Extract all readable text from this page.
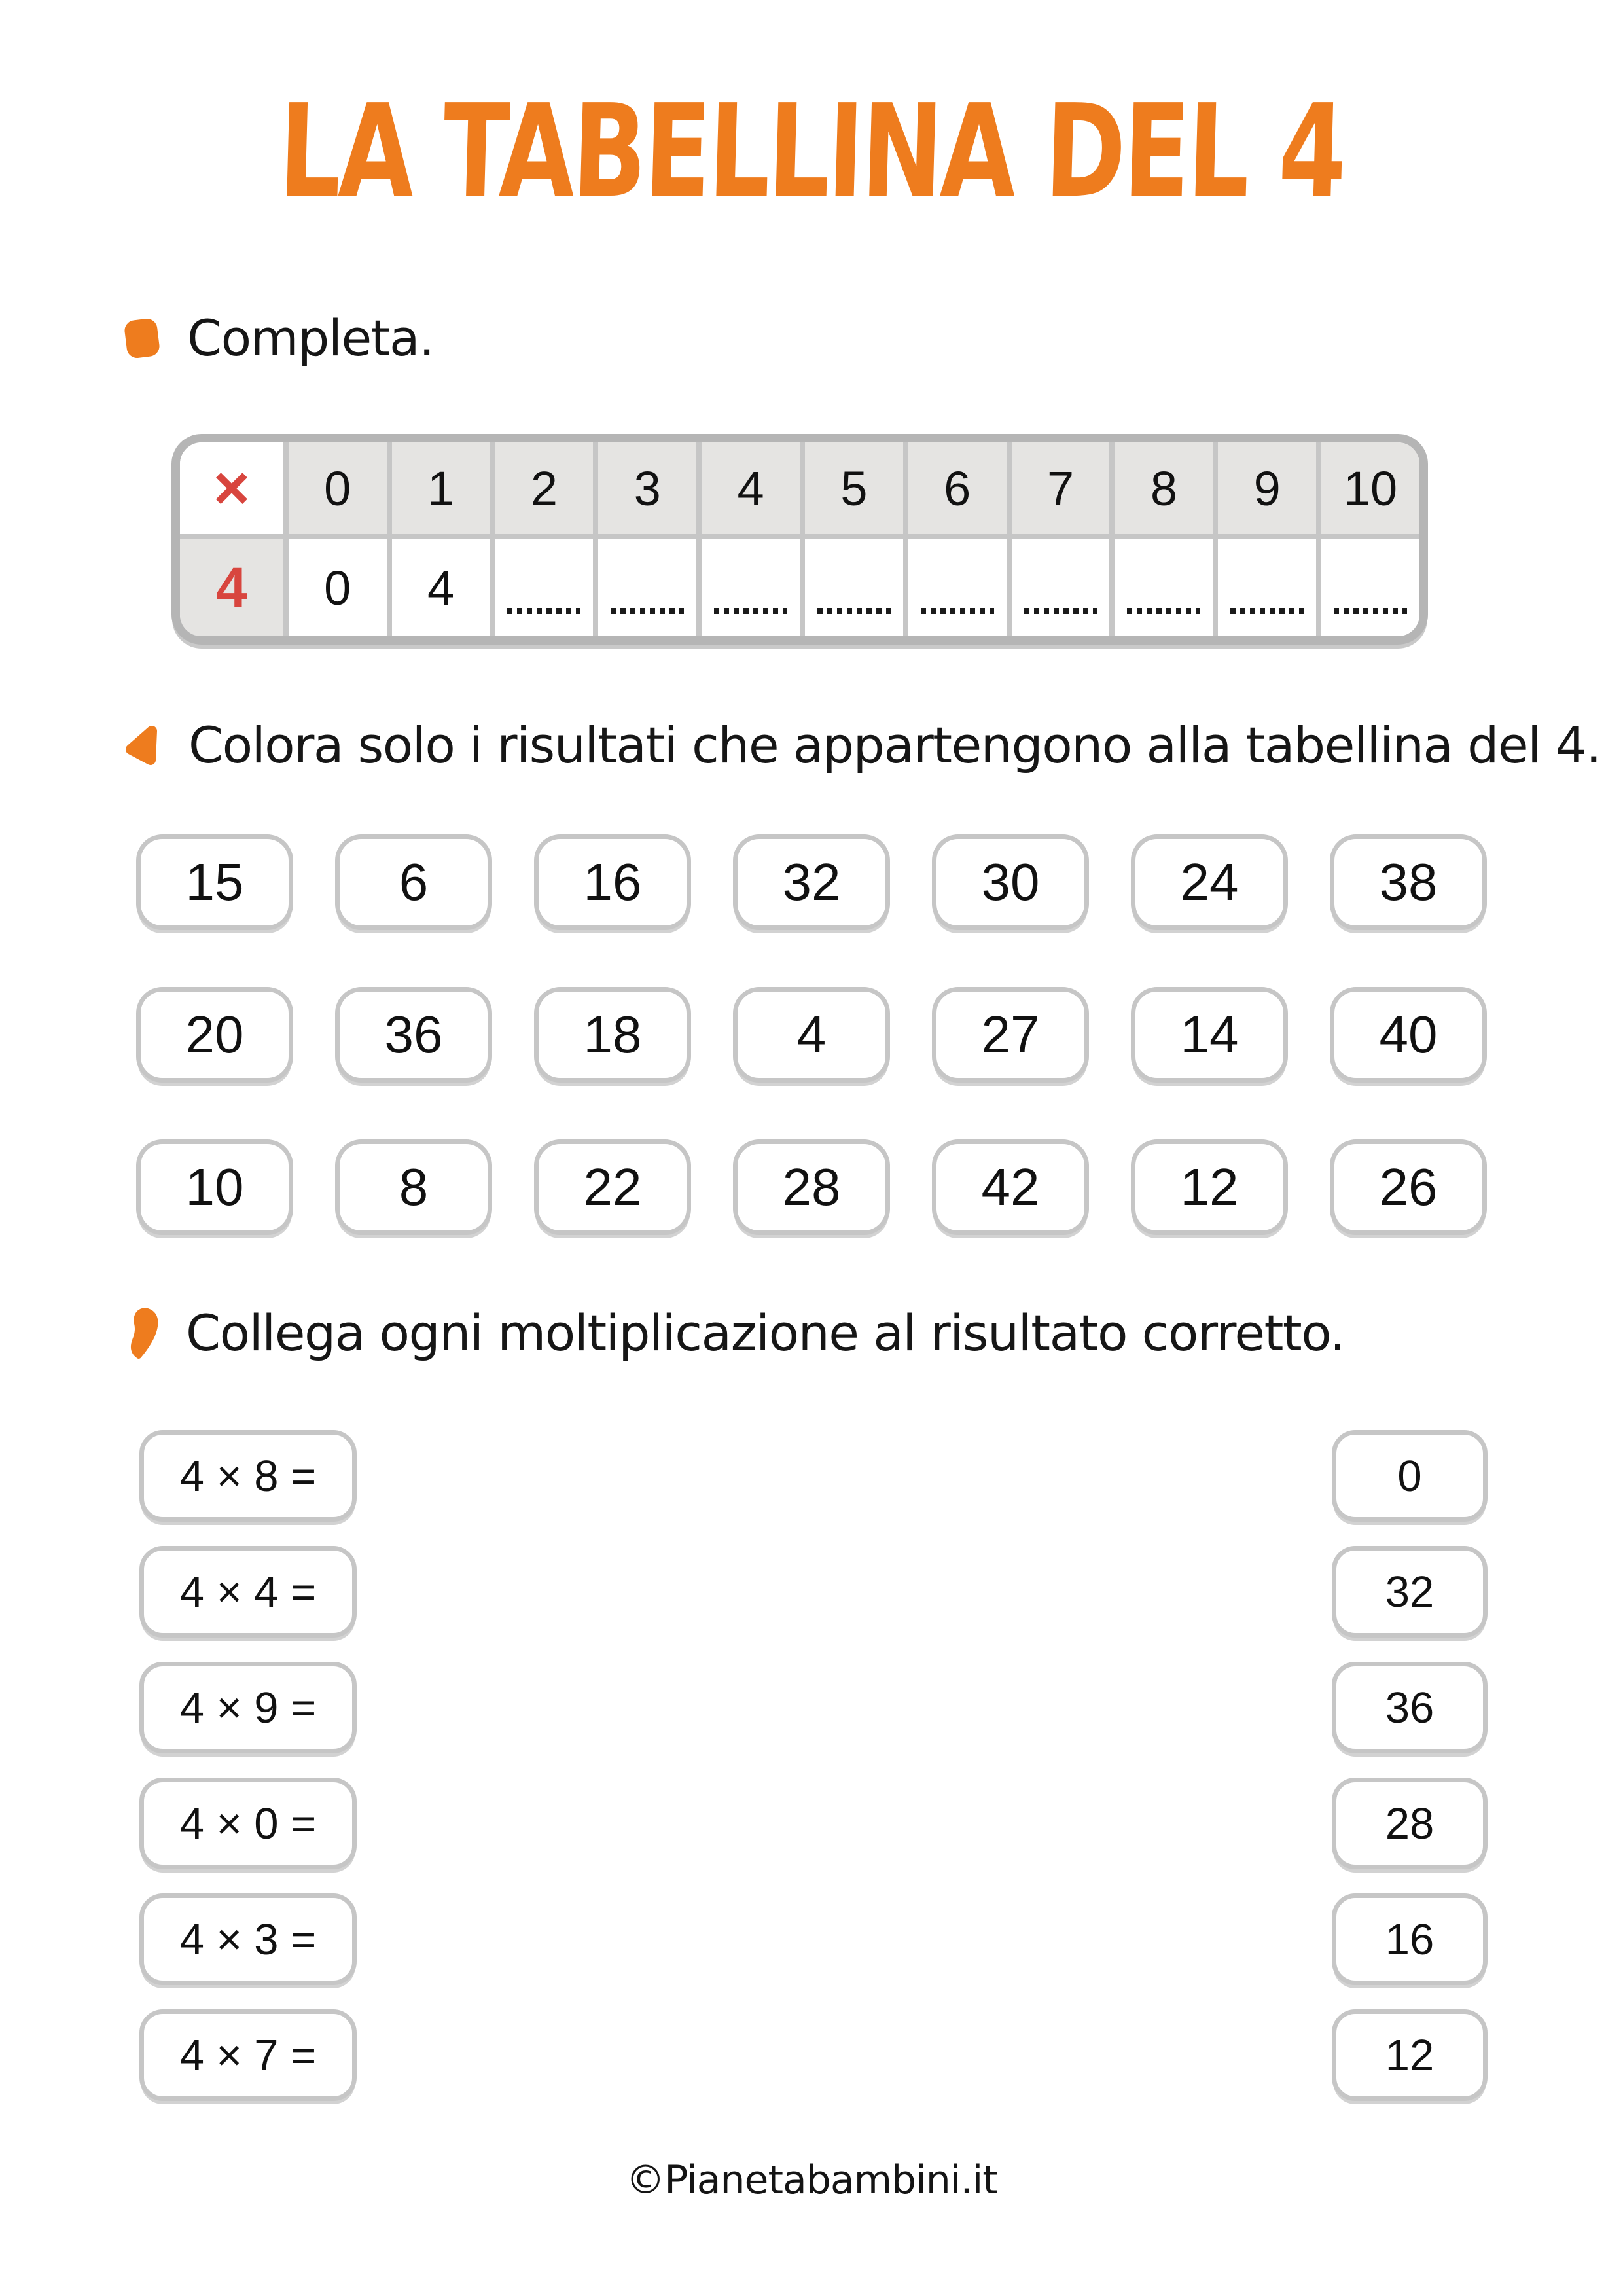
LA TABELLINA DEL 4
Completa.
×	0	1	2	3	4	5	6	7	8	9	10
4	0	4
Colora solo i risultati che appartengono alla tabellina del 4.
15	6	16	32	30	24	38
20	36	18	4	27	14	40
10	8	22	28	42	12	26
Collega ogni moltiplicazione al risultato corretto.
4 × 8 =
4 × 4 =
4 × 9 =
4 × 0 =
4 × 3 =
4 × 7 =
0
32
36
28
16
12
©Pianetabambini.it
